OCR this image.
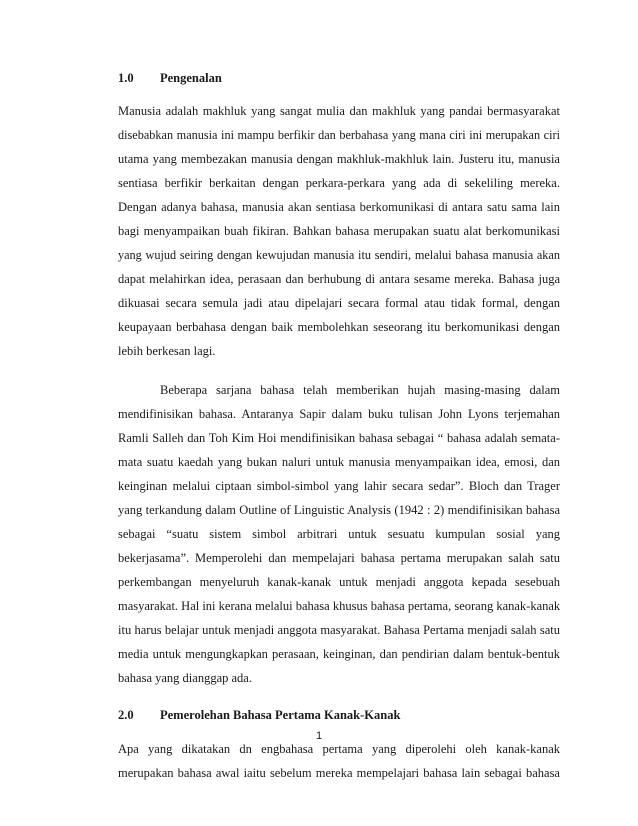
1.0 Pengenalan
Manusia adalah makhluk yang sangat mulia dan makhluk yang pandai bermasyarakat
disebabkan manusia ini mampu berfikir dan berbahasa yang mana ciri ini merupakan ciri
utama yang membezakan manusia dengan makhluk-makhluk lain. Justeru itu, manusia
sentiasa berfikir berkaitan dengan perkara-perkara yang ada di sekeliling mereka.
Dengan adanya bahasa, manusia akan sentiasa berkomunikasi di antara satu sama lain
bagi menyampaikan buah fikiran. Bahkan bahasa merupakan suatu alat berkomunikasi
yang wujud seiring dengan kewujudan manusia itu sendiri, melalui bahasa manusia akan
dapat melahirkan idea, perasaan dan berhubung di antara sesame mereka. Bahasa juga
dikuasai secara semula jadi atau dipelajari secara formal atau tidak formal, dengan
keupayaan berbahasa dengan baik membolehkan seseorang itu berkomunikasi dengan
lebih berkesan lagi.
Beberapa sarjana bahasa telah memberikan hujah masing-masing dalam
mendifinisikan bahasa. Antaranya Sapir dalam buku tulisan John Lyons terjemahan
Ramli Salleh dan Toh Kim Hoi mendifinisikan bahasa sebagai “ bahasa adalah semata-
mata suatu kaedah yang bukan naluri untuk manusia menyampaikan idea, emosi, dan
keinginan melalui ciptaan simbol-simbol yang lahir secara sedar”. Bloch dan Trager
yang terkandung dalam Outline of Linguistic Analysis (1942 : 2) mendifinisikan bahasa
sebagai “suatu sistem simbol arbitrari untuk sesuatu kumpulan sosial yang
bekerjasama”. Memperolehi dan mempelajari bahasa pertama merupakan salah satu
perkembangan menyeluruh kanak-kanak untuk menjadi anggota kepada sesebuah
masyarakat. Hal ini kerana melalui bahasa khusus bahasa pertama, seorang kanak-kanak
itu harus belajar untuk menjadi anggota masyarakat. Bahasa Pertama menjadi salah satu
media untuk mengungkapkan perasaan, keinginan, dan pendirian dalam bentuk-bentuk
bahasa yang dianggap ada.
2.0 Pemerolehan Bahasa Pertama Kanak-Kanak
Apa yang dikatakan dn engbahasa pertama yang diperolehi oleh kanak-kanak
merupakan bahasa awal iaitu sebelum mereka mempelajari bahasa lain sebagai bahasa
1
